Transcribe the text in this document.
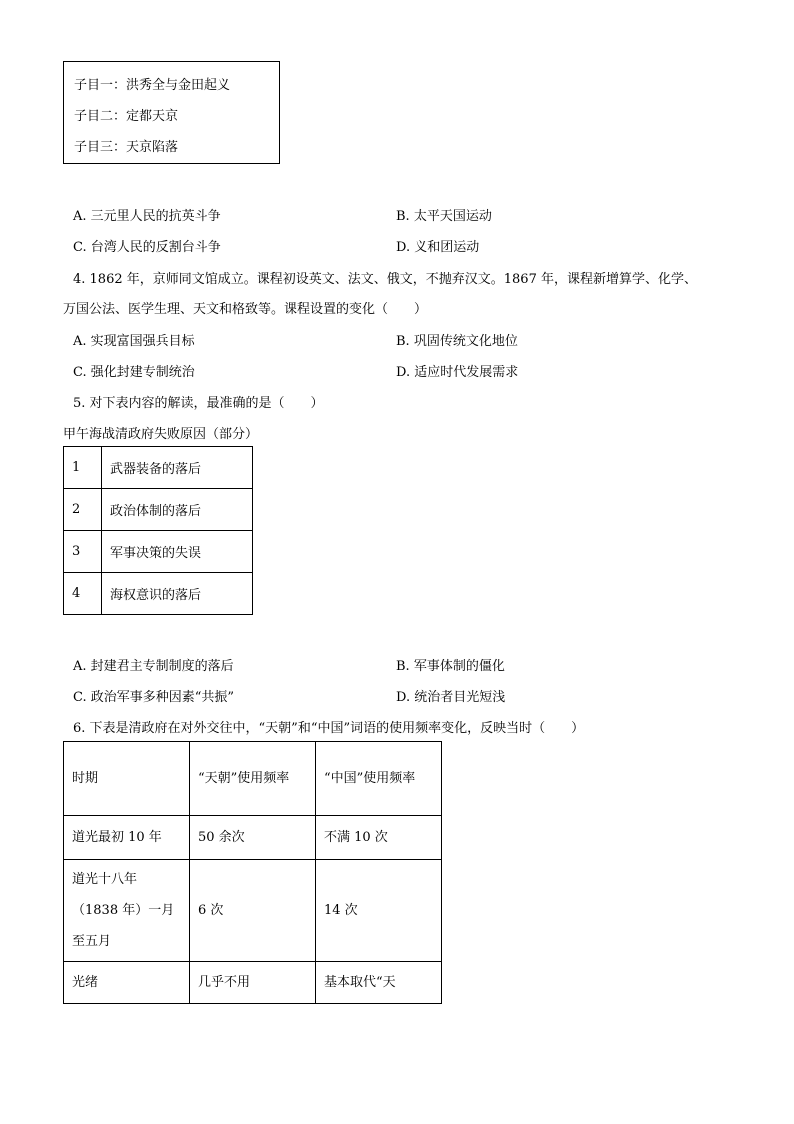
子目一：洪秀全与金田起义
子目二：定都天京
子目三：天京陷落
A. 三元里人民的抗英斗争	B. 太平天国运动
C. 台湾人民的反割台斗争	D. 义和团运动
4. 1862 年，京师同文馆成立。课程初设英文、法文、俄文，不抛弃汉文。1867 年，课程新增算学、化学、
万国公法、医学生理、天文和格致等。课程设置的变化（　　）
A. 实现富国强兵目标	B. 巩固传统文化地位
C. 强化封建专制统治	D. 适应时代发展需求
5. 对下表内容的解读，最准确的是（　　）
甲午海战清政府失败原因（部分）
1	武器装备的落后
2	政治体制的落后
3	军事决策的失误
4	海权意识的落后
A. 封建君主专制制度的落后	B. 军事体制的僵化
C. 政治军事多种因素“共振”	D. 统治者目光短浅
6. 下表是清政府在对外交往中，“天朝”和“中国”词语的使用频率变化，反映当时（　　）
时期	“天朝”使用频率	“中国”使用频率
道光最初 10 年	50 余次	不满 10 次
道光十八年（1838 年）一月至五月	6 次	14 次
光绪	几乎不用	基本取代“天
